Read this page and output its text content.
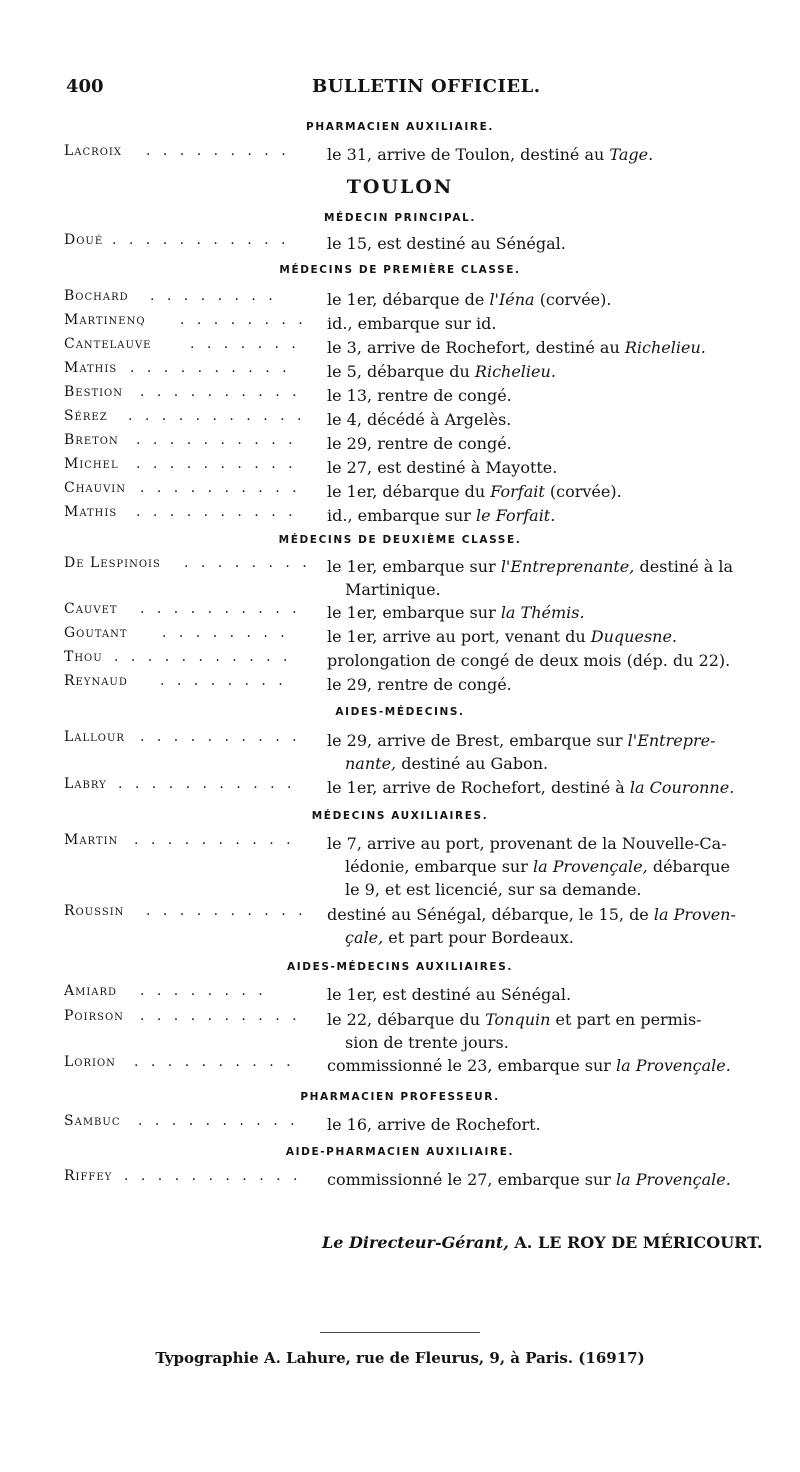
400	BULLETIN OFFICIEL.
PHARMACIEN AUXILIAIRE.
Lacroix . . . . . . . . . le 31, arrive de Toulon, destiné au Tage.
TOULON
MÉDECIN PRINCIPAL.
Doué . . . . . . . . . . . le 15, est destiné au Sénégal.
MÉDECINS DE PREMIÈRE CLASSE.
Bochard . . . . . . . .	le 1er, débarque de l'Iéna (corvée).
Martinenq . . . . . . . . id., embarque sur id.
Cantelauve	. . . . . . . le 3, arrive de Rochefort, destiné au Richelieu.
Mathis . . . . . . . . . . le 5, débarque du Richelieu.
Bestion . . . . . . . . . . le 13, rentre de congé.
Sérez . . . . . . . . . . . le 4, décédé à Argelès.
Breton . . . . . . . . . . le 29, rentre de congé.
Michel . . . . . . . . . . le 27, est destiné à Mayotte.
Chauvin . . . . . . . . . . le 1er, débarque du Forfait (corvée).
Mathis . . . . . . . . . . id., embarque sur le Forfait.
MÉDECINS DE DEUXIÈME CLASSE.
De Lespinois . . . . . . . . le 1er, embarque sur l'Entreprenante, destiné à la
Martinique.
Cauvet . . . . . . . . . . le 1er, embarque sur la Thémis.
Goutant . . . . . . . . le 1er, arrive au port, venant du Duquesne.
Thou . . . . . . . . . . . prolongation de congé de deux mois (dép. du 22).
Reynaud . . . . . . . .	le 29, rentre de congé.
AIDES-MÉDECINS.
Lallour . . . . . . . . . . le 29, arrive de Brest, embarque sur l'Entrepre-
nante, destiné au Gabon.
Labry . . . . . . . . . . . le 1er, arrive de Rochefort, destiné à la Couronne.
MÉDECINS AUXILIAIRES.
Martin . . . . . . . . . . le 7, arrive au port, provenant de la Nouvelle-Ca-
lédonie, embarque sur la Provençale, débarque
le 9, et est licencié, sur sa demande.
Roussin . . . . . . . . . . destiné au Sénégal, débarque, le 15, de la Proven-
çale, et part pour Bordeaux.
AIDES-MÉDECINS AUXILIAIRES.
Amiard . . . . . . . .	le 1er, est destiné au Sénégal.
Poirson . . . . . . . . . . le 22, débarque du Tonquin et part en permis-
sion de trente jours.
Lorion . . . . . . . . . . commissionné le 23, embarque sur la Provençale.
PHARMACIEN PROFESSEUR.
Sambuc . . . . . . . . . . le 16, arrive de Rochefort.
AIDE-PHARMACIEN AUXILIAIRE.
Riffey . . . . . . . . . . . commissionné le 27, embarque sur la Provençale.
Le Directeur-Gérant, A. LE ROY DE MÉRICOURT.
Typographie A. Lahure, rue de Fleurus, 9, à Paris. (16917)
